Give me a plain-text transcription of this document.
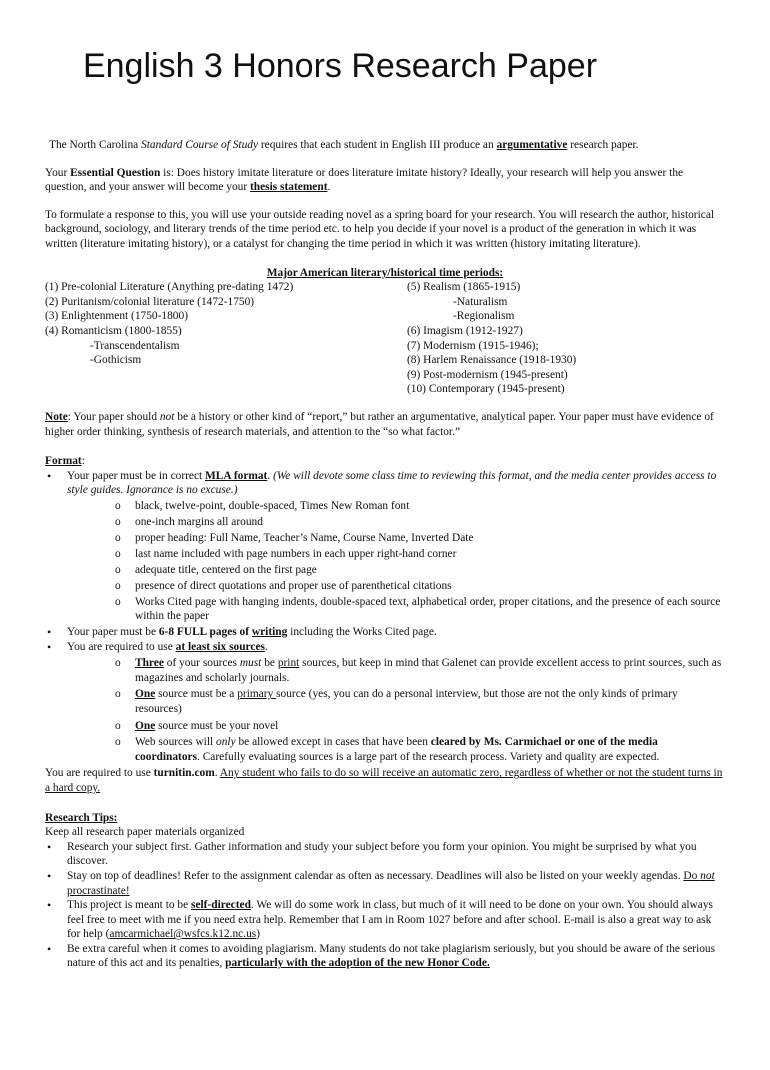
English 3 Honors Research Paper

The North Carolina Standard Course of Study requires that each student in English III produce an argumentative research paper.

Your Essential Question is: Does history imitate literature or does literature imitate history? Ideally, your research will help you answer the question, and your answer will become your thesis statement.

To formulate a response to this, you will use your outside reading novel as a spring board for your research. You will research the author, historical background, sociology, and literary trends of the time period etc. to help you decide if your novel is a product of the generation in which it was written (literature imitating history), or a catalyst for changing the time period in which it was written (history imitating literature).

Major American literary/historical time periods:
(1) Pre-colonial Literature (Anything pre-dating 1472)
(2) Puritanism/colonial literature (1472-1750)
(3) Enlightenment (1750-1800)
(4) Romanticism (1800-1855)
-Transcendentalism
-Gothicism
(5) Realism (1865-1915)
-Naturalism
-Regionalism
(6) Imagism (1912-1927)
(7) Modernism (1915-1946);
(8) Harlem Renaissance (1918-1930)
(9) Post-modernism (1945-present)
(10) Contemporary (1945-present)

Note: Your paper should not be a history or other kind of “report,” but rather an argumentative, analytical paper. Your paper must have evidence of higher order thinking, synthesis of research materials, and attention to the “so what factor.”

Format:
• Your paper must be in correct MLA format. (We will devote some class time to reviewing this format, and the media center provides access to style guides. Ignorance is no excuse.)
o black, twelve-point, double-spaced, Times New Roman font
o one-inch margins all around
o proper heading: Full Name, Teacher’s Name, Course Name, Inverted Date
o last name included with page numbers in each upper right-hand corner
o adequate title, centered on the first page
o presence of direct quotations and proper use of parenthetical citations
o Works Cited page with hanging indents, double-spaced text, alphabetical order, proper citations, and the presence of each source within the paper
• Your paper must be 6-8 FULL pages of writing including the Works Cited page.
• You are required to use at least six sources.
o Three of your sources must be print sources, but keep in mind that Galenet can provide excellent access to print sources, such as magazines and scholarly journals.
o One source must be a primary source (yes, you can do a personal interview, but those are not the only kinds of primary resources)
o One source must be your novel
o Web sources will only be allowed except in cases that have been cleared by Ms. Carmichael or one of the media coordinators. Carefully evaluating sources is a large part of the research process. Variety and quality are expected.

You are required to use turnitin.com. Any student who fails to do so will receive an automatic zero, regardless of whether or not the student turns in a hard copy.

Research Tips:

Keep all research paper materials organized

• Research your subject first. Gather information and study your subject before you form your opinion. You might be surprised by what you discover.
• Stay on top of deadlines! Refer to the assignment calendar as often as necessary. Deadlines will also be listed on your weekly agendas. Do not procrastinate!
• This project is meant to be self-directed. We will do some work in class, but much of it will need to be done on your own. You should always feel free to meet with me if you need extra help. Remember that I am in Room 1027 before and after school. E-mail is also a great way to ask for help (amcarmichael@wsfcs.k12.nc.us)
• Be extra careful when it comes to avoiding plagiarism. Many students do not take plagiarism seriously, but you should be aware of the serious nature of this act and its penalties, particularly with the adoption of the new Honor Code.
